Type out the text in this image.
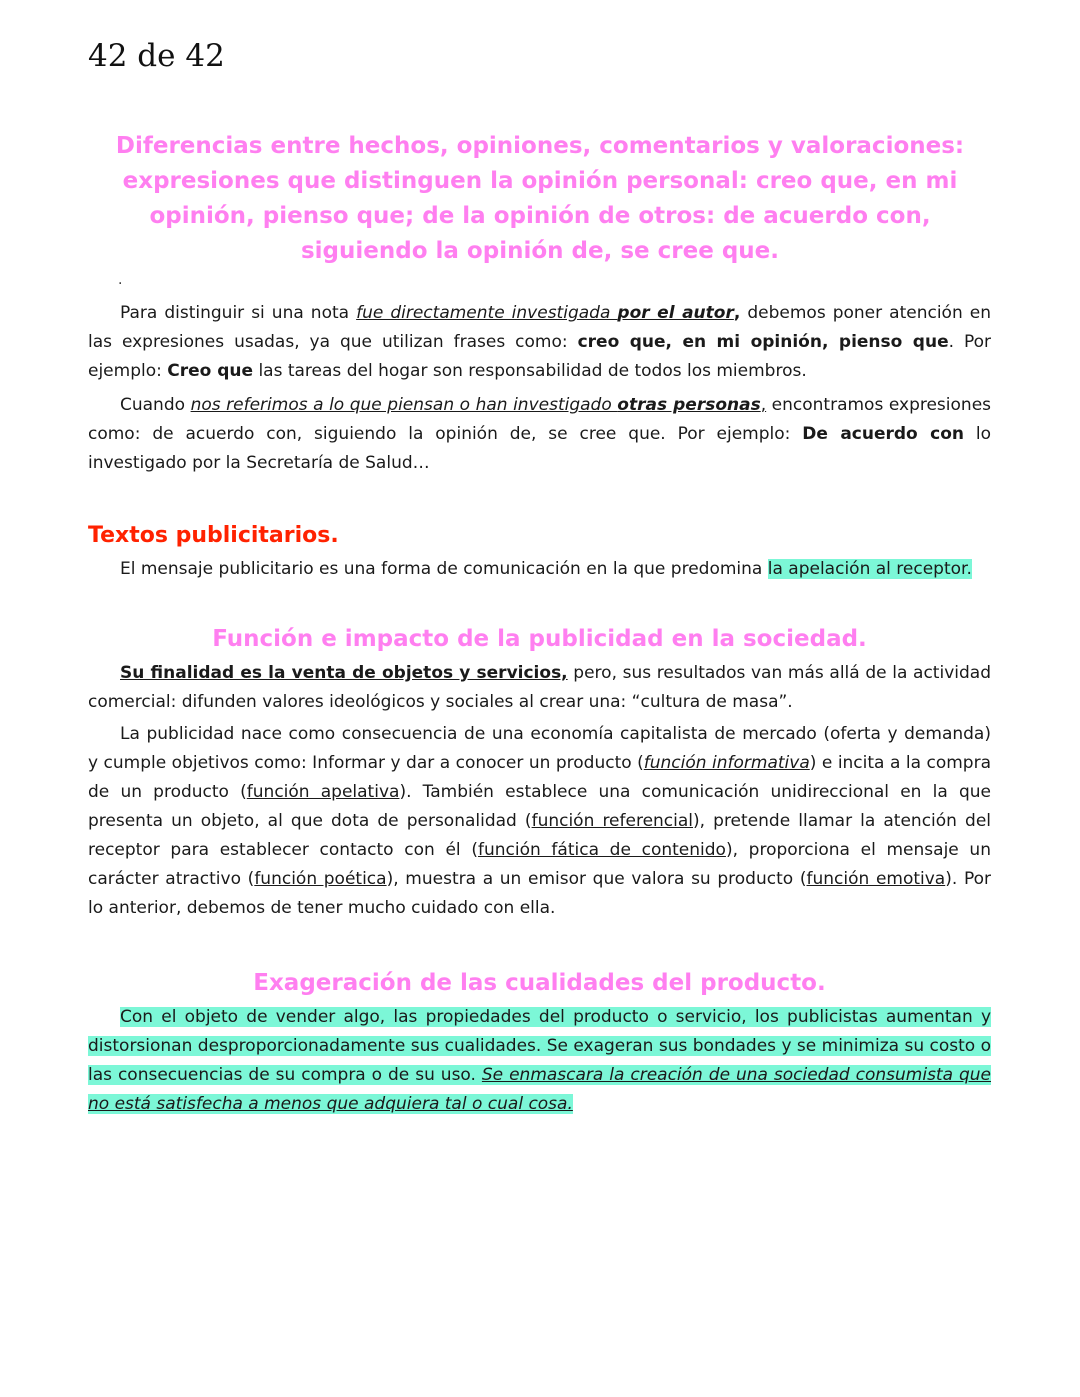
42 de 42
Diferencias entre hechos, opiniones, comentarios y valoraciones: expresiones que distinguen la opinión personal: creo que, en mi opinión, pienso que; de la opinión de otros: de acuerdo con, siguiendo la opinión de, se cree que.
.

Para distinguir si una nota fue directamente investigada por el autor, debemos poner atención en las expresiones usadas, ya que utilizan frases como: creo que, en mi opinión, pienso que. Por ejemplo: Creo que las tareas del hogar son responsabilidad de todos los miembros.

Cuando nos referimos a lo que piensan o han investigado otras personas, encontramos expresiones como: de acuerdo con, siguiendo la opinión de, se cree que. Por ejemplo: De acuerdo con lo investigado por la Secretaría de Salud…

Textos publicitarios.

El mensaje publicitario es una forma de comunicación en la que predomina la apelación al receptor.

Función e impacto de la publicidad en la sociedad.

Su finalidad es la venta de objetos y servicios, pero, sus resultados van más allá de la actividad comercial: difunden valores ideológicos y sociales al crear una: “cultura de masa”.

La publicidad nace como consecuencia de una economía capitalista de mercado (oferta y demanda) y cumple objetivos como: Informar y dar a conocer un producto (función informativa) e incita a la compra de un producto (función apelativa). También establece una comunicación unidireccional en la que presenta un objeto, al que dota de personalidad (función referencial), pretende llamar la atención del receptor para establecer contacto con él (función fática de contenido), proporciona el mensaje un carácter atractivo (función poética), muestra a un emisor que valora su producto (función emotiva). Por lo anterior, debemos de tener mucho cuidado con ella.

Exageración de las cualidades del producto.

Con el objeto de vender algo, las propiedades del producto o servicio, los publicistas aumentan y distorsionan desproporcionadamente sus cualidades. Se exageran sus bondades y se minimiza su costo o las consecuencias de su compra o de su uso. Se enmascara la creación de una sociedad consumista que no está satisfecha a menos que adquiera tal o cual cosa.
